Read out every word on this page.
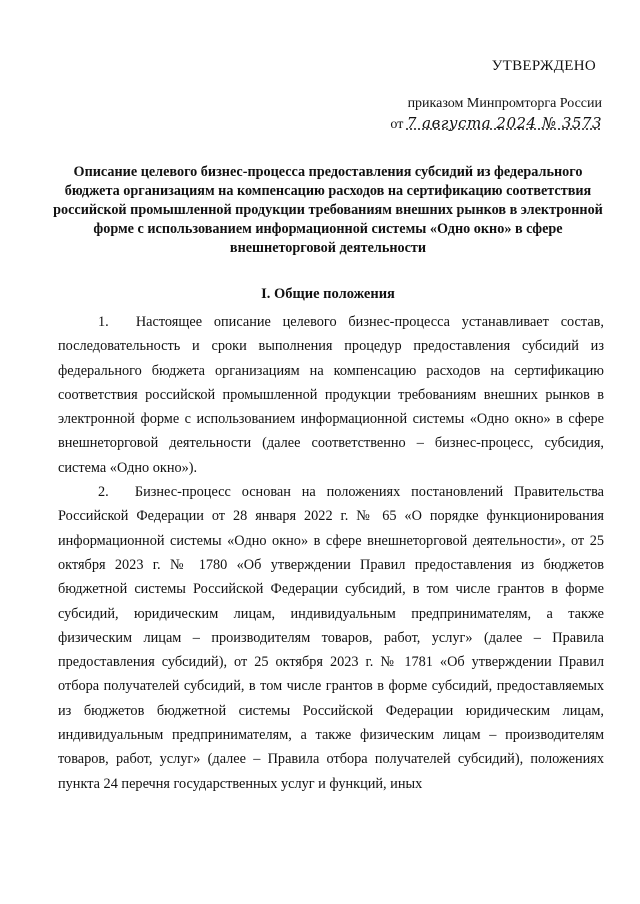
УТВЕРЖДЕНО

приказом Минпромторга России

от 7 августа 2024 № 3573

Описание целевого бизнес-процесса предоставления субсидий из федерального бюджета организациям на компенсацию расходов на сертификацию соответствия российской промышленной продукции требованиям внешних рынков в электронной форме с использованием информационной системы «Одно окно» в сфере внешнеторговой деятельности
I. Общие положения

1. Настоящее описание целевого бизнес-процесса устанавливает состав, последовательность и сроки выполнения процедур предоставления субсидий из федерального бюджета организациям на компенсацию расходов на сертификацию соответствия российской промышленной продукции требованиям внешних рынков в электронной форме с использованием информационной системы «Одно окно» в сфере внешнеторговой деятельности (далее соответственно – бизнес-процесс, субсидия, система «Одно окно»).

2. Бизнес-процесс основан на положениях постановлений Правительства Российской Федерации от 28 января 2022 г. № 65 «О порядке функционирования информационной системы «Одно окно» в сфере внешнеторговой деятельности», от 25 октября 2023 г. № 1780 «Об утверждении Правил предоставления из бюджетов бюджетной системы Российской Федерации субсидий, в том числе грантов в форме субсидий, юридическим лицам, индивидуальным предпринимателям, а также физическим лицам – производителям товаров, работ, услуг» (далее – Правила предоставления субсидий), от 25 октября 2023 г. № 1781 «Об утверждении Правил отбора получателей субсидий, в том числе грантов в форме субсидий, предоставляемых из бюджетов бюджетной системы Российской Федерации юридическим лицам, индивидуальным предпринимателям, а также физическим лицам – производителям товаров, работ, услуг» (далее – Правила отбора получателей субсидий), положениях пункта 24 перечня государственных услуг и функций, иных
